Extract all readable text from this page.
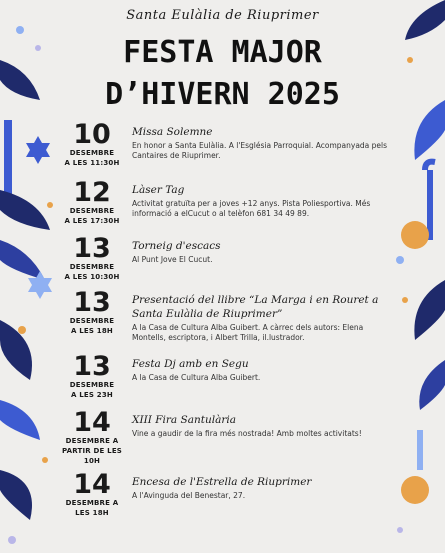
Santa Eulàlia de Riuprimer
FESTA MAJOR
D’HIVERN 2025
10
DESEMBRE
A LES 11:30H
Missa Solemne
En honor a Santa Eulàlia. A l'Església Parroquial. Acompanyada pels Cantaires de Riuprimer.
12
DESEMBRE
A LES 17:30H
Làser Tag
Activitat gratuïta per a joves +12 anys. Pista Poliesportiva. Més informació a elCucut o al telèfon 681 34 49 89.
13
DESEMBRE
A LES 10:30H
Torneig d'escacs
Al Punt Jove El Cucut.
13
DESEMBRE
A LES 18H
Presentació del llibre “La Marga i en Rouret a Santa Eulàlia de Riuprimer”
A la Casa de Cultura Alba Guibert. A càrrec dels autors: Elena Montells, escriptora, i Albert Trilla, il.lustrador.
13
DESEMBRE
A LES 23H
Festa Dj amb en Segu
A la Casa de Cultura Alba Guibert.
14
DESEMBRE A
PARTIR DE LES 10H
XIII Fira Santulària
Vine a gaudir de la fira més nostrada! Amb moltes activitats!
14
DESEMBRE A
LES 18H
Encesa de l'Estrella de Riuprimer
A l'Avinguda del Benestar, 27.
